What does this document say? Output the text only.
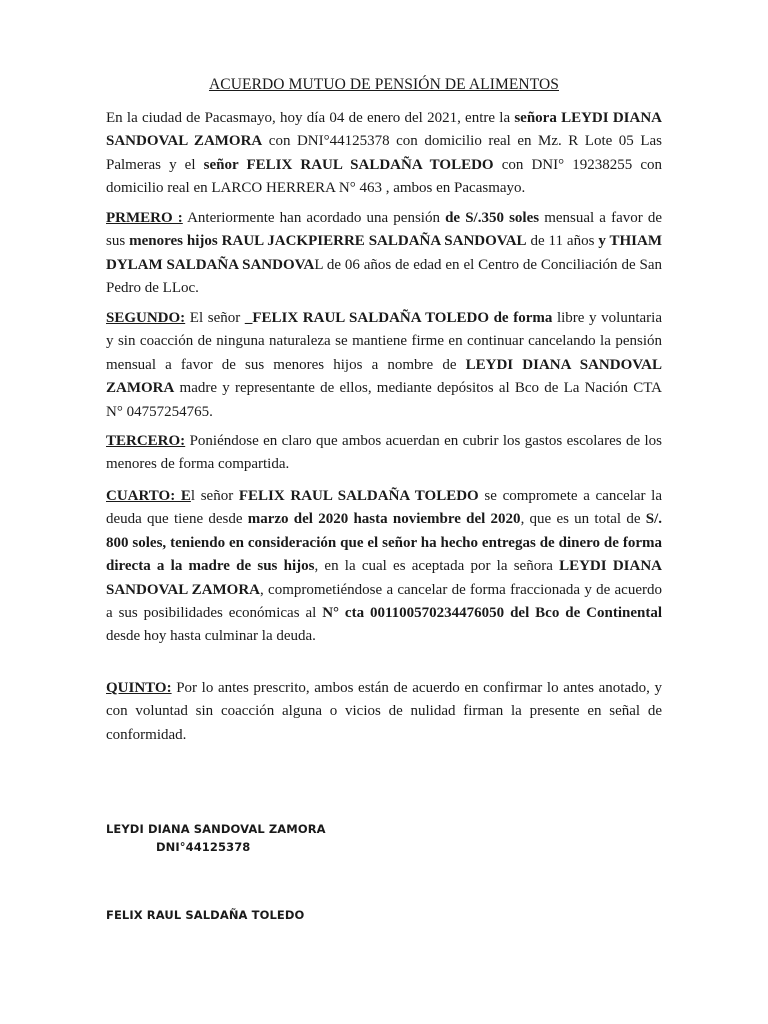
ACUERDO MUTUO DE PENSIÓN DE ALIMENTOS

En la ciudad de Pacasmayo, hoy día 04 de enero del 2021, entre la señora LEYDI DIANA SANDOVAL ZAMORA con DNI°44125378 con domicilio real en Mz. R Lote 05 Las Palmeras y el señor FELIX RAUL SALDAÑA TOLEDO con DNI° 19238255 con domicilio real en LARCO HERRERA N° 463 , ambos en Pacasmayo.

PRMERO : Anteriormente han acordado una pensión de S/.350 soles mensual a favor de sus menores hijos RAUL JACKPIERRE SALDAÑA SANDOVAL de 11 años y THIAM DYLAM SALDAÑA SANDOVAL de 06 años de edad en el Centro de Conciliación de San Pedro de LLoc.

SEGUNDO: El señor _FELIX RAUL SALDAÑA TOLEDO de forma libre y voluntaria y sin coacción de ninguna naturaleza se mantiene firme en continuar cancelando la pensión mensual a favor de sus menores hijos a nombre de LEYDI DIANA SANDOVAL ZAMORA madre y representante de ellos, mediante depósitos al Bco de La Nación CTA N° 04757254765.

TERCERO: Poniéndose en claro que ambos acuerdan en cubrir los gastos escolares de los menores de forma compartida.

CUARTO: El señor FELIX RAUL SALDAÑA TOLEDO se compromete a cancelar la deuda que tiene desde marzo del 2020 hasta noviembre del 2020, que es un total de S/. 800 soles, teniendo en consideración que el señor ha hecho entregas de dinero de forma directa a la madre de sus hijos, en la cual es aceptada por la señora LEYDI DIANA SANDOVAL ZAMORA, comprometiéndose a cancelar de forma fraccionada y de acuerdo a sus posibilidades económicas al N° cta 001100570234476050 del Bco de Continental desde hoy hasta culminar la deuda.

QUINTO: Por lo antes prescrito, ambos están de acuerdo en confirmar lo antes anotado, y con voluntad sin coacción alguna o vicios de nulidad firman la presente en señal de conformidad.

LEYDI DIANA SANDOVAL ZAMORA
DNI°44125378
FELIX RAUL SALDAÑA TOLEDO
